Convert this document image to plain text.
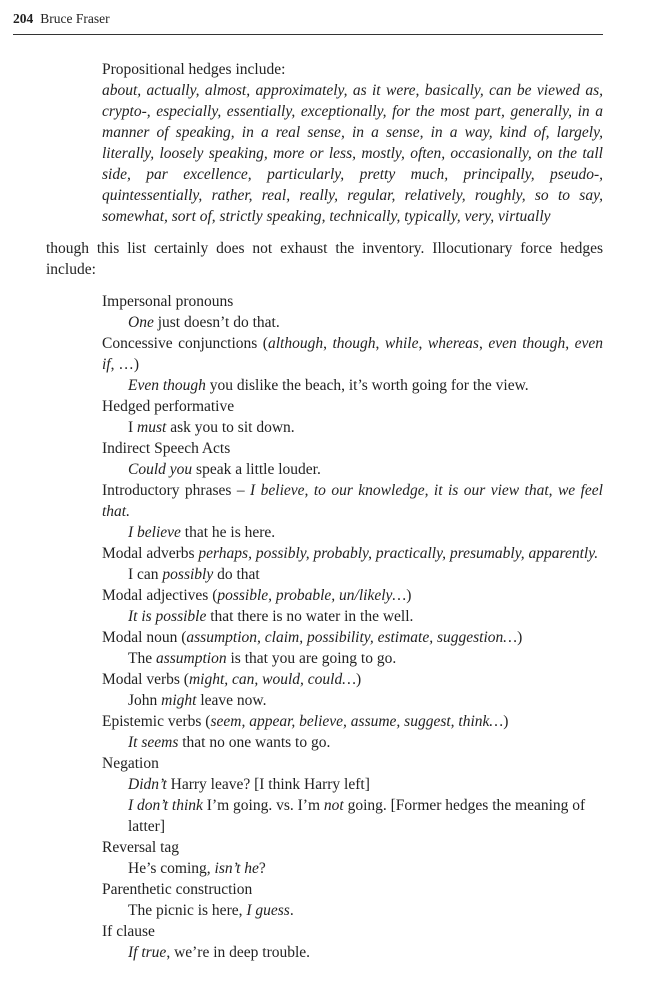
204 Bruce Fraser
Propositional hedges include:
about, actually, almost, approximately, as it were, basically, can be viewed as, crypto-, especially, essentially, exceptionally, for the most part, generally, in a manner of speaking, in a real sense, in a sense, in a way, kind of, largely, literally, loosely speaking, more or less, mostly, often, occasionally, on the tall side, par excellence, particularly, pretty much, principally, pseudo-, quintessentially, rather, real, really, regular, relatively, roughly, so to say, somewhat, sort of, strictly speaking, technically, typically, very, virtually
though this list certainly does not exhaust the inventory. Illocutionary force hedges include:
Impersonal pronouns
One just doesn’t do that.
Concessive conjunctions (although, though, while, whereas, even though, even if, …)
Even though you dislike the beach, it’s worth going for the view.
Hedged performative
I must ask you to sit down.
Indirect Speech Acts
Could you speak a little louder.
Introductory phrases – I believe, to our knowledge, it is our view that, we feel that.
I believe that he is here.
Modal adverbs perhaps, possibly, probably, practically, presumably, apparently.
I can possibly do that
Modal adjectives (possible, probable, un/likely…)
It is possible that there is no water in the well.
Modal noun (assumption, claim, possibility, estimate, suggestion…)
The assumption is that you are going to go.
Modal verbs (might, can, would, could…)
John might leave now.
Epistemic verbs (seem, appear, believe, assume, suggest, think…)
It seems that no one wants to go.
Negation
Didn’t Harry leave? [I think Harry left]
I don’t think I’m going. vs. I’m not going. [Former hedges the meaning of latter]
Reversal tag
He’s coming, isn’t he?
Parenthetic construction
The picnic is here, I guess.
If clause
If true, we’re in deep trouble.
